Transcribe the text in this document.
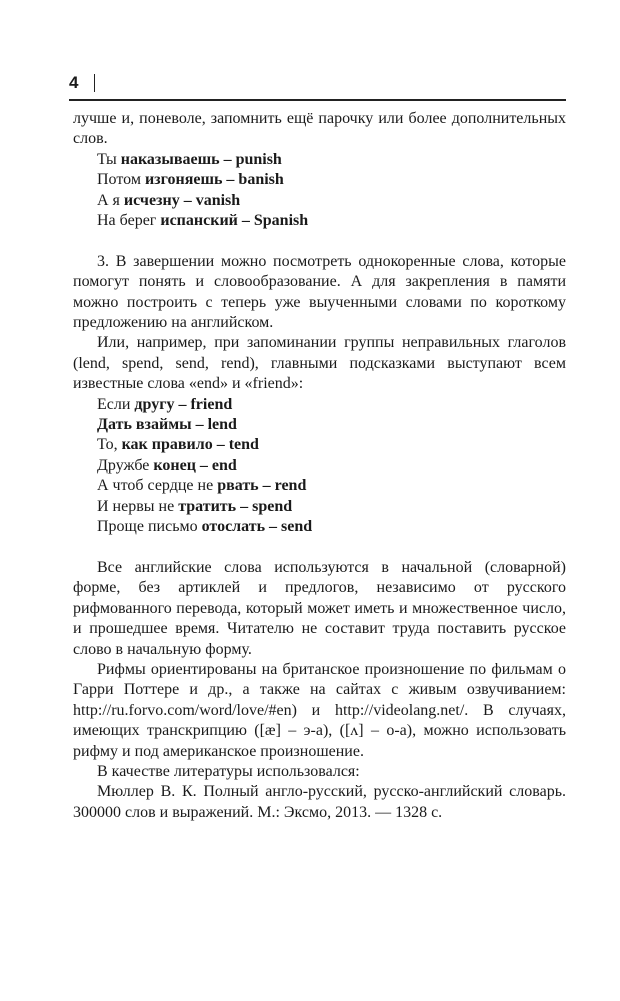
4

лучше и, поневоле, запомнить ещё парочку или более дополнительных слов.

Ты наказываешь – punish
Потом изгоняешь – banish
А я исчезну – vanish
На берег испанский – Spanish

3. В завершении можно посмотреть однокоренные слова, которые помогут понять и словообразование. А для закрепления в памяти можно построить с теперь уже выученными словами по короткому предложению на английском.

Или, например, при запоминании группы неправильных глаголов (lend, spend, send, rend), главными подсказками выступают всем известные слова «end» и «friend»:

Если другу – friend
Дать взаймы – lend
То, как правило – tend
Дружбе конец – end
А чтоб сердце не рвать – rend
И нервы не тратить – spend
Проще письмо отослать – send

Все английские слова используются в начальной (словарной) форме, без артиклей и предлогов, независимо от русского рифмованного перевода, который может иметь и множественное число, и прошедшее время. Читателю не составит труда поставить русское слово в начальную форму.

Рифмы ориентированы на британское произношение по фильмам о Гарри Поттере и др., а также на сайтах с живым озвучиванием: http://ru.forvo.com/word/love/#en) и http://videolang.net/. В случаях, имеющих транскрипцию ([æ] – э-а), ([ʌ] – о-а), можно использовать рифму и под американское произношение.

В качестве литературы использовался:

Мюллер В. К. Полный англо-русский, русско-английский словарь. 300000 слов и выражений. М.: Эксмо, 2013. — 1328 с.
